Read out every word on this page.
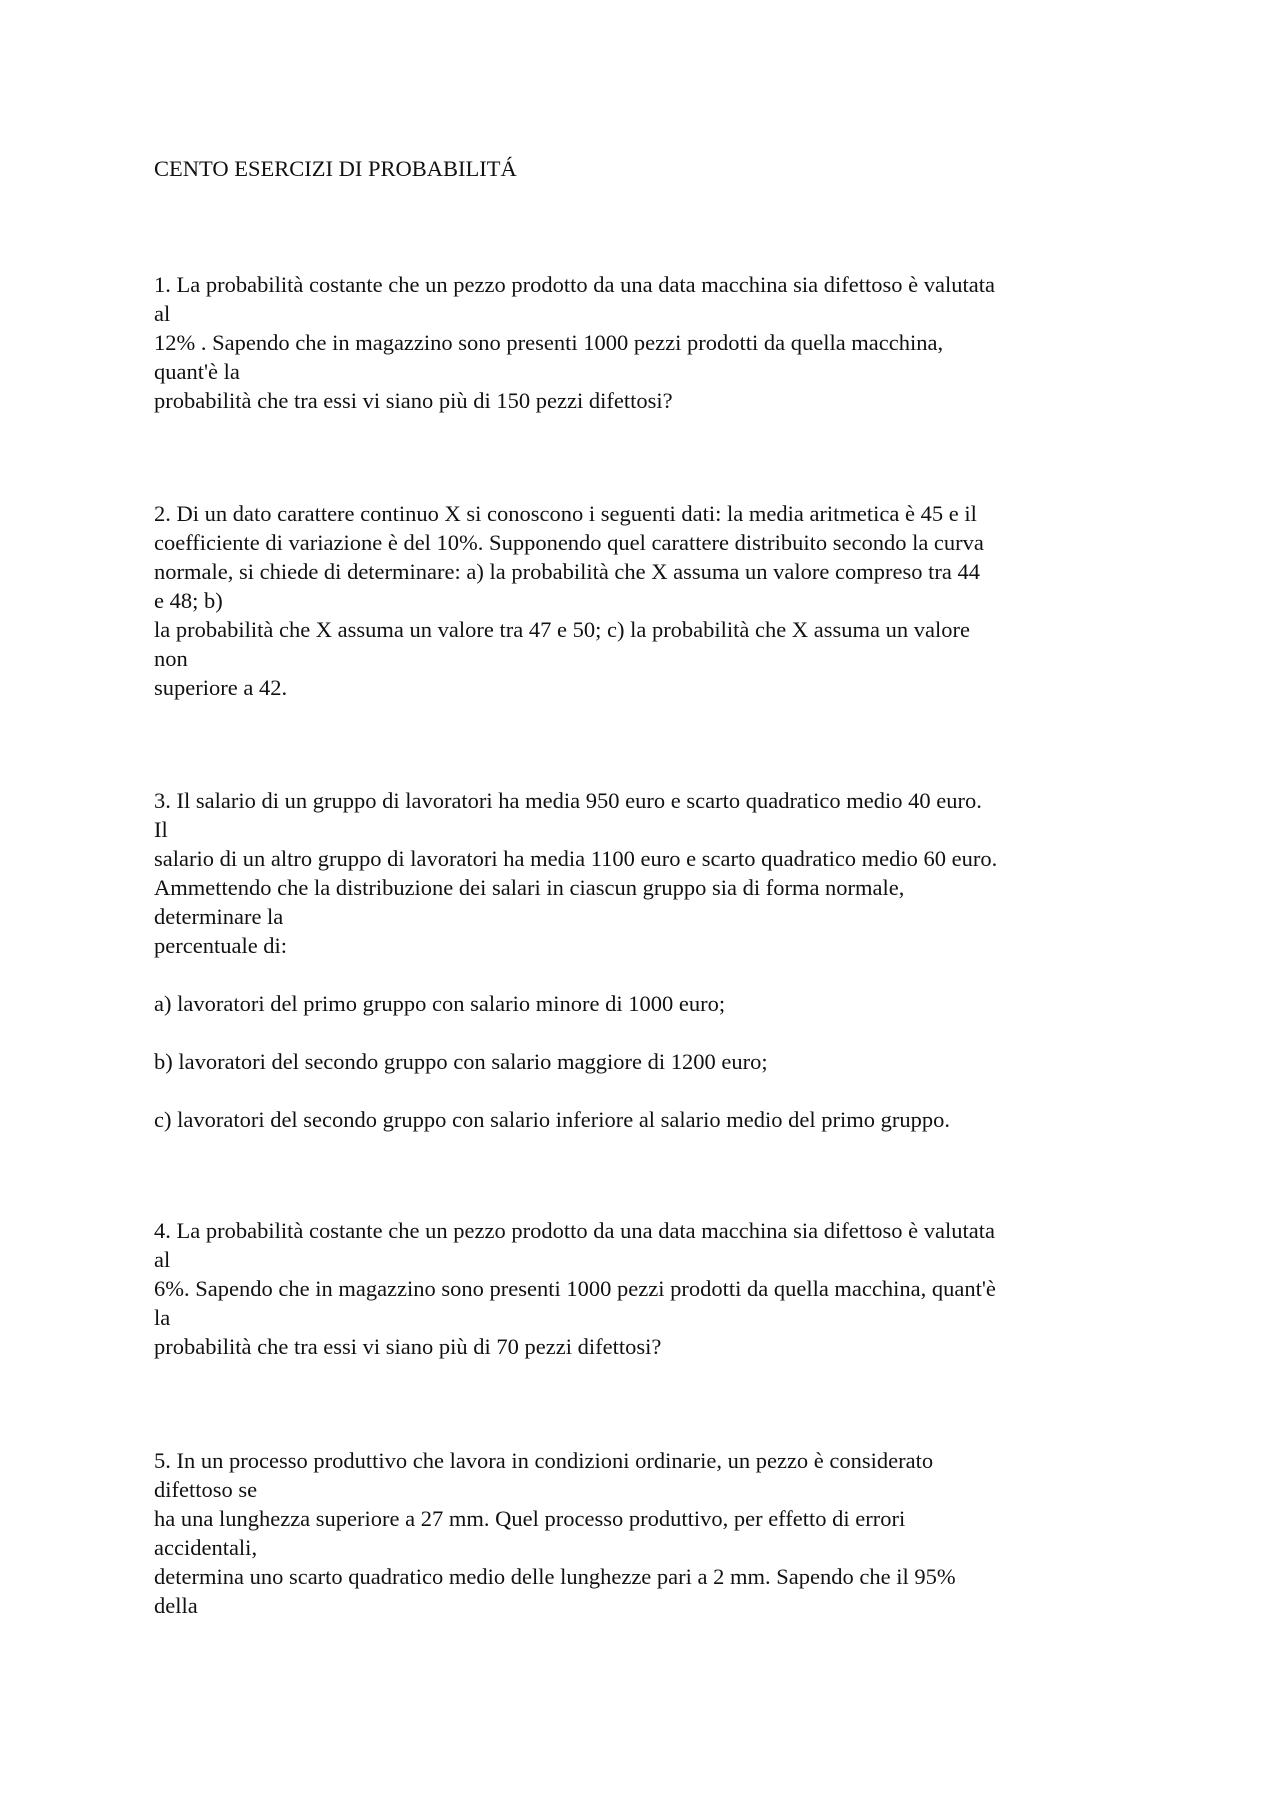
CENTO ESERCIZI DI PROBABILITÁ
1. La probabilità costante che un pezzo prodotto da una data macchina sia difettoso è valutata
al
12% . Sapendo che in magazzino sono presenti 1000 pezzi prodotti da quella macchina,
quant'è la
probabilità che tra essi vi siano più di 150 pezzi difettosi?
2. Di un dato carattere continuo X si conoscono i seguenti dati: la media aritmetica è 45 e il
coefficiente di variazione è del 10%. Supponendo quel carattere distribuito secondo la curva
normale, si chiede di determinare: a) la probabilità che X assuma un valore compreso tra 44
e 48; b)
la probabilità che X assuma un valore tra 47 e 50; c) la probabilità che X assuma un valore
non
superiore a 42.
3. Il salario di un gruppo di lavoratori ha media 950 euro e scarto quadratico medio 40 euro.
Il
salario di un altro gruppo di lavoratori ha media 1100 euro e scarto quadratico medio 60 euro.
Ammettendo che la distribuzione dei salari in ciascun gruppo sia di forma normale,
determinare la
percentuale di:
a) lavoratori del primo gruppo con salario minore di 1000 euro;
b) lavoratori del secondo gruppo con salario maggiore di 1200 euro;
c) lavoratori del secondo gruppo con salario inferiore al salario medio del primo gruppo.
4. La probabilità costante che un pezzo prodotto da una data macchina sia difettoso è valutata
al
6%. Sapendo che in magazzino sono presenti 1000 pezzi prodotti da quella macchina, quant'è
la
probabilità che tra essi vi siano più di 70 pezzi difettosi?
5. In un processo produttivo che lavora in condizioni ordinarie, un pezzo è considerato
difettoso se
ha una lunghezza superiore a 27 mm. Quel processo produttivo, per effetto di errori
accidentali,
determina uno scarto quadratico medio delle lunghezze pari a 2 mm. Sapendo che il 95%
della
